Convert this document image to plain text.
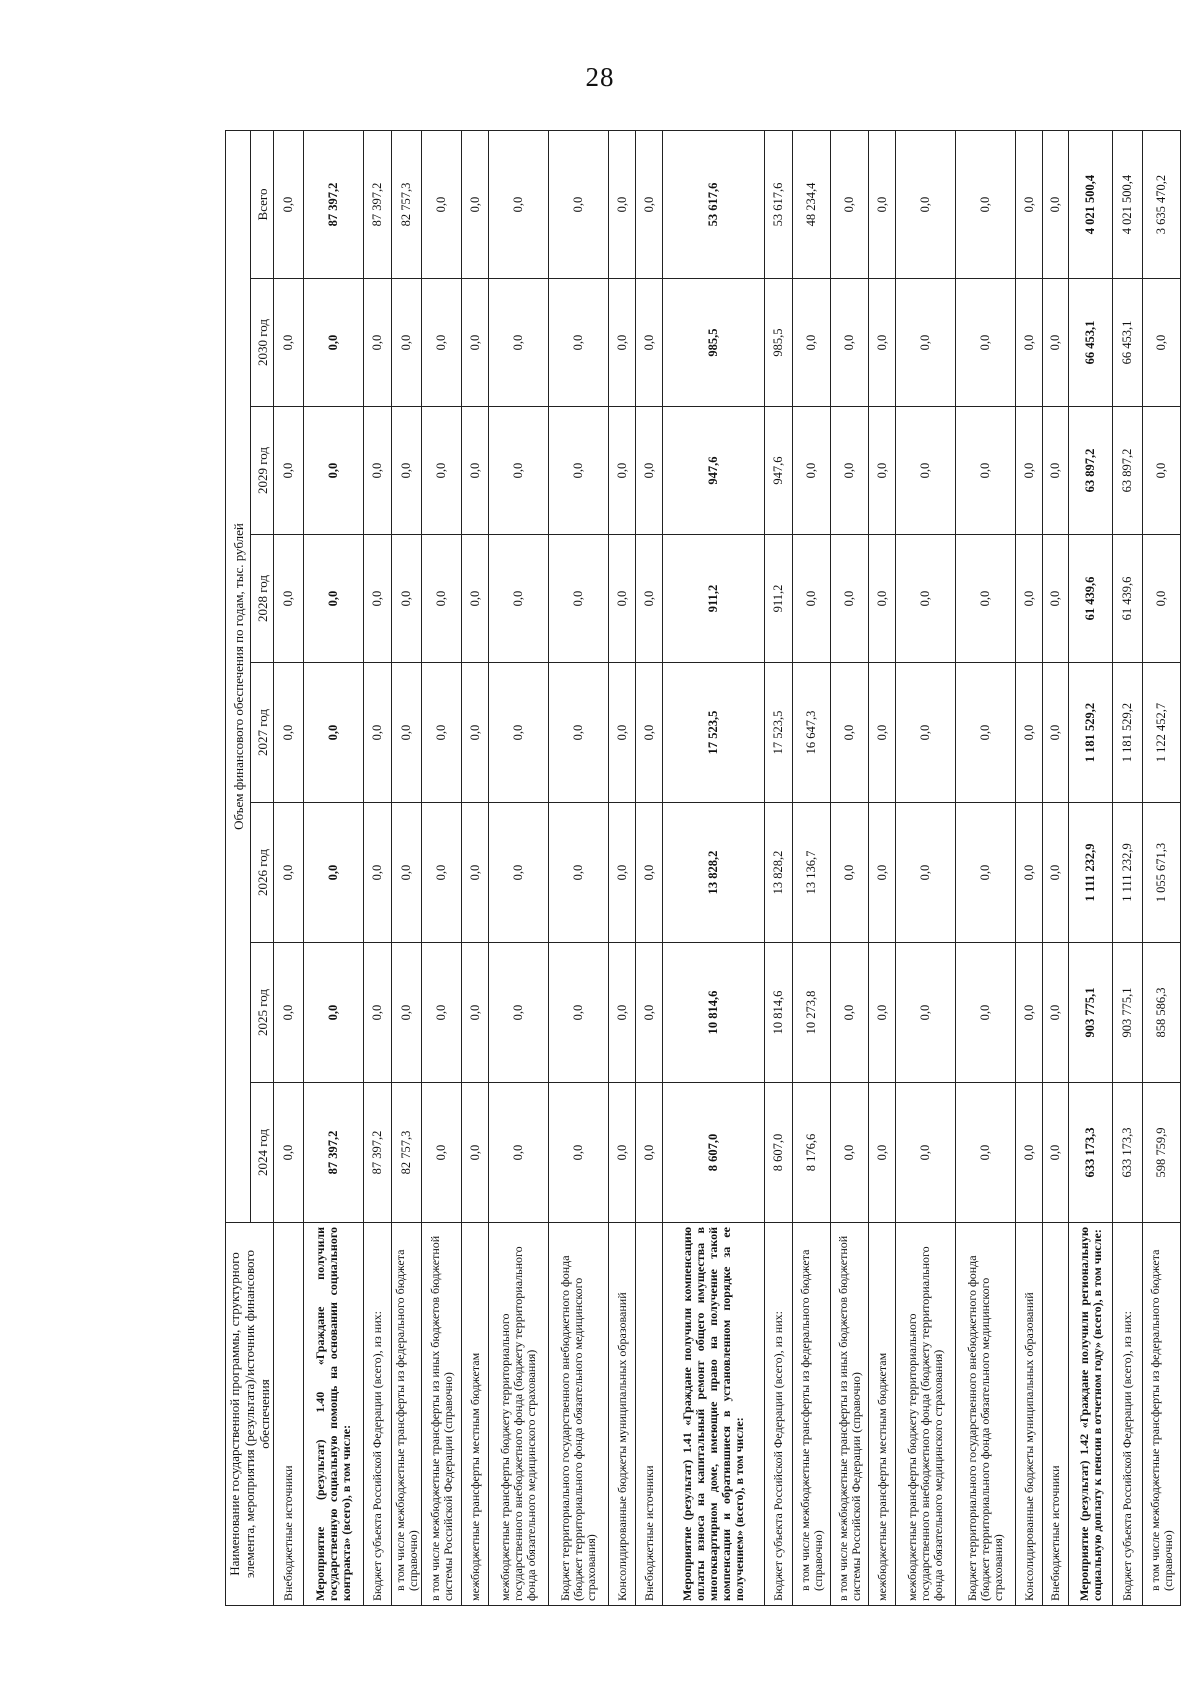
28
Наименование государственной программы, структурного элемента, мероприятия (результата)/источник финансового обеспечения	Объем финансового обеспечения по годам, тыс. рублей							
	2024 год	2025 год	2026 год	2027 год	2028 год	2029 год	2030 год	Всего
Внебюджетные источники	0,0	0,0	0,0	0,0	0,0	0,0	0,0	0,0
Мероприятие (результат) 1.40 «Граждане получили государственную социальную помощь на основании социального контракта» (всего), в том числе:	87 397,2	0,0	0,0	0,0	0,0	0,0	0,0	87 397,2
Бюджет субъекта Российской Федерации (всего), из них:	87 397,2	0,0	0,0	0,0	0,0	0,0	0,0	87 397,2
в том числе межбюджетные трансферты из федерального бюджета (справочно)	82 757,3	0,0	0,0	0,0	0,0	0,0	0,0	82 757,3
в том числе межбюджетные трансферты из иных бюджетов бюджетной системы Российской Федерации (справочно)	0,0	0,0	0,0	0,0	0,0	0,0	0,0	0,0
межбюджетные трансферты местным бюджетам	0,0	0,0	0,0	0,0	0,0	0,0	0,0	0,0
межбюджетные трансферты бюджету территориального государственного внебюджетного фонда (бюджету территориального фонда обязательного медицинского страхования)	0,0	0,0	0,0	0,0	0,0	0,0	0,0	0,0
Бюджет территориального государственного внебюджетного фонда (бюджет территориального фонда обязательного медицинского страхования)	0,0	0,0	0,0	0,0	0,0	0,0	0,0	0,0
Консолидированные бюджеты муниципальных образований	0,0	0,0	0,0	0,0	0,0	0,0	0,0	0,0
Внебюджетные источники	0,0	0,0	0,0	0,0	0,0	0,0	0,0	0,0
Мероприятие (результат) 1.41 «Граждане получили компенсацию оплаты взноса на капитальный ремонт общего имущества в многоквартирном доме, имеющие право на получение такой компенсации и обратившиеся в установленном порядке за ее получением» (всего), в том числе:	8 607,0	10 814,6	13 828,2	17 523,5	911,2	947,6	985,5	53 617,6
Бюджет субъекта Российской Федерации (всего), из них:	8 607,0	10 814,6	13 828,2	17 523,5	911,2	947,6	985,5	53 617,6
в том числе межбюджетные трансферты из федерального бюджета (справочно)	8 176,6	10 273,8	13 136,7	16 647,3	0,0	0,0	0,0	48 234,4
в том числе межбюджетные трансферты из иных бюджетов бюджетной системы Российской Федерации (справочно)	0,0	0,0	0,0	0,0	0,0	0,0	0,0	0,0
межбюджетные трансферты местным бюджетам	0,0	0,0	0,0	0,0	0,0	0,0	0,0	0,0
межбюджетные трансферты бюджету территориального государственного внебюджетного фонда (бюджету территориального фонда обязательного медицинского страхования)	0,0	0,0	0,0	0,0	0,0	0,0	0,0	0,0
Бюджет территориального государственного внебюджетного фонда (бюджет территориального фонда обязательного медицинского страхования)	0,0	0,0	0,0	0,0	0,0	0,0	0,0	0,0
Консолидированные бюджеты муниципальных образований	0,0	0,0	0,0	0,0	0,0	0,0	0,0	0,0
Внебюджетные источники	0,0	0,0	0,0	0,0	0,0	0,0	0,0	0,0
Мероприятие (результат) 1.42 «Граждане получили региональную социальную доплату к пенсии в отчетном году» (всего), в том числе:	633 173,3	903 775,1	1 111 232,9	1 181 529,2	61 439,6	63 897,2	66 453,1	4 021 500,4
Бюджет субъекта Российской Федерации (всего), из них:	633 173,3	903 775,1	1 111 232,9	1 181 529,2	61 439,6	63 897,2	66 453,1	4 021 500,4
в том числе межбюджетные трансферты из федерального бюджета (справочно)	598 759,9	858 586,3	1 055 671,3	1 122 452,7	0,0	0,0	0,0	3 635 470,2
